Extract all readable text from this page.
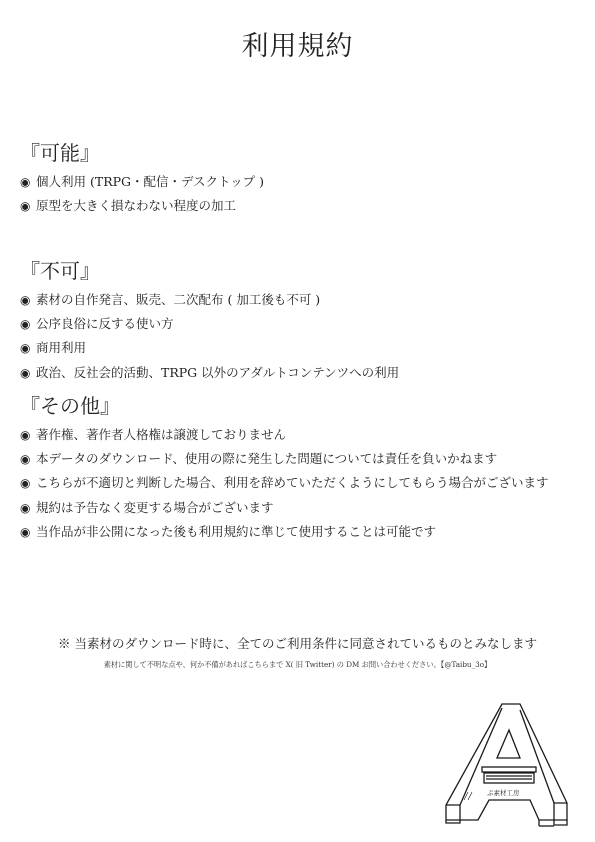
利用規約
『可能』
◉ 個人利用 (TRPG・配信・デスクトップ )
◉ 原型を大きく損なわない程度の加工
『不可』
◉ 素材の自作発言、販売、二次配布 ( 加工後も不可 )
◉ 公序良俗に反する使い方
◉ 商用利用
◉ 政治、反社会的活動、TRPG 以外のアダルトコンテンツへの利用
『その他』
◉ 著作権、著作者人格権は譲渡しておりません
◉ 本データのダウンロード、使用の際に発生した問題については責任を負いかねます
◉ こちらが不適切と判断した場合、利用を辞めていただくようにしてもらう場合がございます
◉ 規約は予告なく変更する場合がございます
◉ 当作品が非公開になった後も利用規約に準じて使用することは可能です
※ 当素材のダウンロード時に、全てのご利用条件に同意されているものとみなします
素材に関して不明な点や、何か不備があればこちらまで X( 旧 Twitter) の DM お問い合わせください。【@Taibu_3o】
ぷ素材工房
